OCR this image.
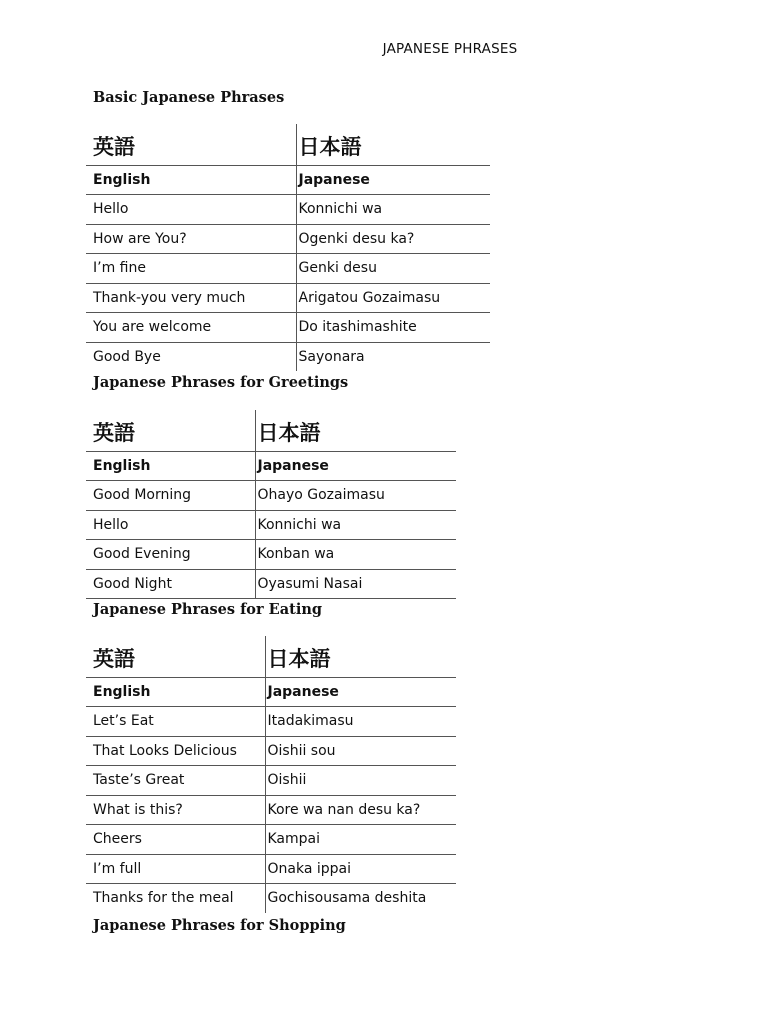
JAPANESE PHRASES
Basic Japanese Phrases
英語	日本語
English	Japanese
Hello	Konnichi wa
How are You?	Ogenki desu ka?
I’m fine	Genki desu
Thank-you very much	Arigatou Gozaimasu
You are welcome	Do itashimashite
Good Bye	Sayonara
Japanese Phrases for Greetings
英語	日本語
English	Japanese
Good Morning	Ohayo Gozaimasu
Hello	Konnichi wa
Good Evening	Konban wa
Good Night	Oyasumi Nasai
Japanese Phrases for Eating
英語	日本語
English	Japanese
Let’s Eat	Itadakimasu
That Looks Delicious	Oishii sou
Taste’s Great	Oishii
What is this?	Kore wa nan desu ka?
Cheers	Kampai
I’m full	Onaka ippai
Thanks for the meal	Gochisousama deshita
Japanese Phrases for Shopping
